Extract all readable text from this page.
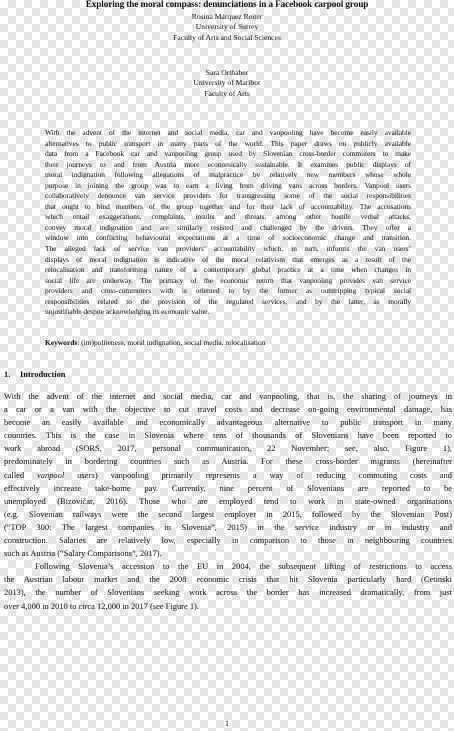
Exploring the moral compass: denunciations in a Facebook carpool group
Rosina Márquez Reiter
University of Surrey
Faculty of Arts and Social Sciences
Sara Orthaber
University of Maribor
Faculty of Arts
With the advent of the internet and social media, car and vanpooling have become easily available
alternatives to public transport in many parts of the world. This paper draws on publicly available
data from a Facebook car and vanpooling group used by Slovenian cross-border commuters to make
their journeys to and from Austria more economically sustainable. It examines public displays of
moral indignation following allegations of malpractice by relatively new members whose whole
purpose in joining the group was to earn a living from driving vans across borders. Vanpool users
collaboratively denounce van service providers for transgressing some of the social responsibilities
that ought to bind members of the group together and for their lack of accountability. The accusations
which entail exaggerations, complaints, insults and threats, among other hostile verbal attacks,
convey moral indignation and are similarly resisted and challenged by the drivers. They offer a
window into conflicting behavioural expectations at a time of socioeconomic change and transition.
The alleged lack of service van providers’ accountability which, in turn, informs the van users’
displays of moral indignation is indicative of the moral relativism that emerges as a result of the
relocalisation and transforming nature of a contemporary global practice at a time when changes in
social life are underway. The primacy of the economic return that vanpooling provides van service
providers and cross-commuters with is oriented to by the former as outstripping typical social
responsibilities related to the provision of the regulated services, and by the latter, as morally
unjustifiable despite acknowledging its economic value.
Keywords: (im)politeness, moral indignation, social media, relocalisation
1. Introduction
With the advent of the internet and social media, car and vanpooling, that is, the sharing of journeys in
a car or a van with the objective to cut travel costs and decrease on-going environmental damage, has
become an easily available and economically advantageous alternative to public transport in many
countries. This is the case in Slovenia where tens of thousands of Slovenians have been reported to
work abroad (SORS, 2017, personal communication, 22 November; see, also, Figure 1),
predominately in bordering countries such as Austria. For these cross-border migrants (hereinafter
called vanpool users) vanpooling primarily represents a way of reducing commuting costs and
effectively increase take-home pay. Currently, nine percent of Slovenians are reported to be
unemployed (Bizovičar, 2016). Those who are employed tend to work in state-owned organisations
(e.g. Slovenian railways were the second largest employer in 2015, followed by the Slovenian Post)
(“TOP 300: The largest companies in Slovenia”, 2015) in the service industry or in industry and
construction. Salaries are relatively low, especially in comparison to those in neighbouring countries
such as Austria (“Salary Comparisons”, 2017).
Following Slovenia’s accession to the EU in 2004, the subsequent lifting of restrictions to access
the Austrian labour market and the 2008 economic crisis that hit Slovenia particularly hard (Cetinski
2013), the number of Slovenians seeking work across the border has increased dramatically, from just
over 4,000 in 2010 to circa 12,000 in 2017 (see Figure 1).
1
